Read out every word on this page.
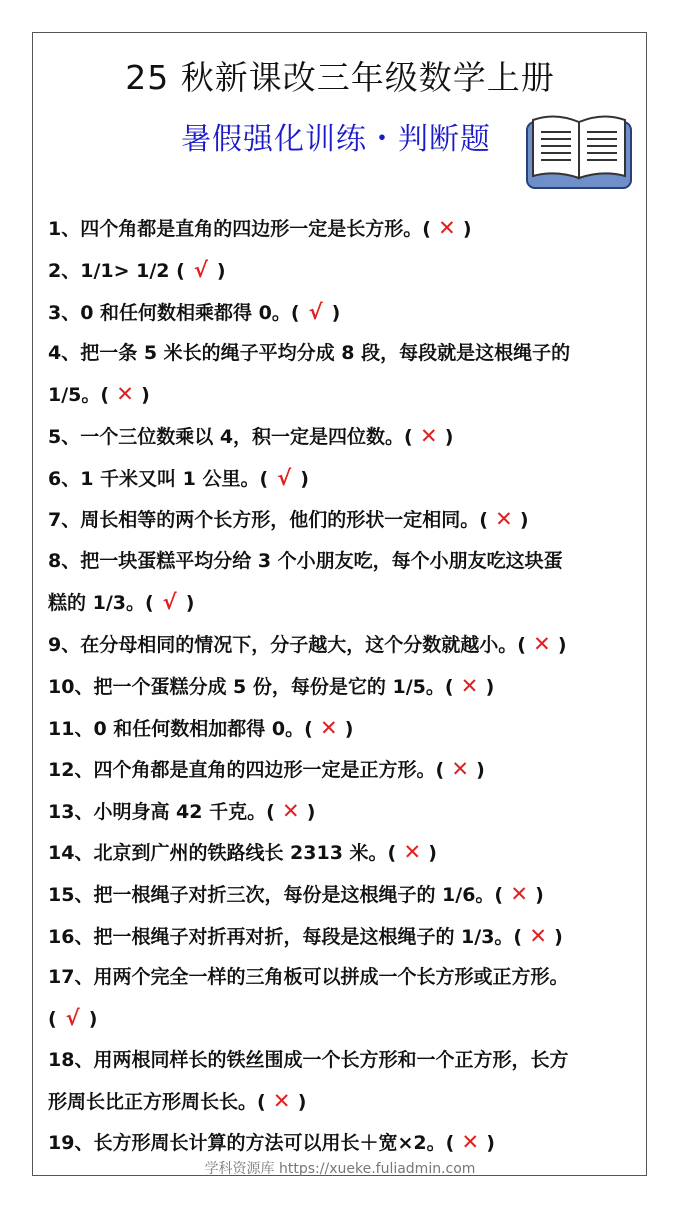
25 秋新课改三年级数学上册
暑假强化训练・判断题
1、四个角都是直角的四边形一定是长方形。( ✕ )
2、1/1> 1/2 ( √ )
3、0 和任何数相乘都得 0。( √ )
4、把一条 5 米长的绳子平均分成 8 段，每段就是这根绳子的
1/5。( ✕ )
5、一个三位数乘以 4，积一定是四位数。( ✕ )
6、1 千米又叫 1 公里。( √ )
7、周长相等的两个长方形，他们的形状一定相同。( ✕ )
8、把一块蛋糕平均分给 3 个小朋友吃，每个小朋友吃这块蛋
糕的 1/3。( √ )
9、在分母相同的情况下，分子越大，这个分数就越小。( ✕ )
10、把一个蛋糕分成 5 份，每份是它的 1/5。( ✕ )
11、0 和任何数相加都得 0。( ✕ )
12、四个角都是直角的四边形一定是正方形。( ✕ )
13、小明身高 42 千克。( ✕ )
14、北京到广州的铁路线长 2313 米。( ✕ )
15、把一根绳子对折三次，每份是这根绳子的 1/6。( ✕ )
16、把一根绳子对折再对折，每段是这根绳子的 1/3。( ✕ )
17、用两个完全一样的三角板可以拼成一个长方形或正方形。
( √ )
18、用两根同样长的铁丝围成一个长方形和一个正方形，长方
形周长比正方形周长长。( ✕ )
19、长方形周长计算的方法可以用长＋宽×2。( ✕ )
学科资源库 https://xueke.fuliadmin.com
